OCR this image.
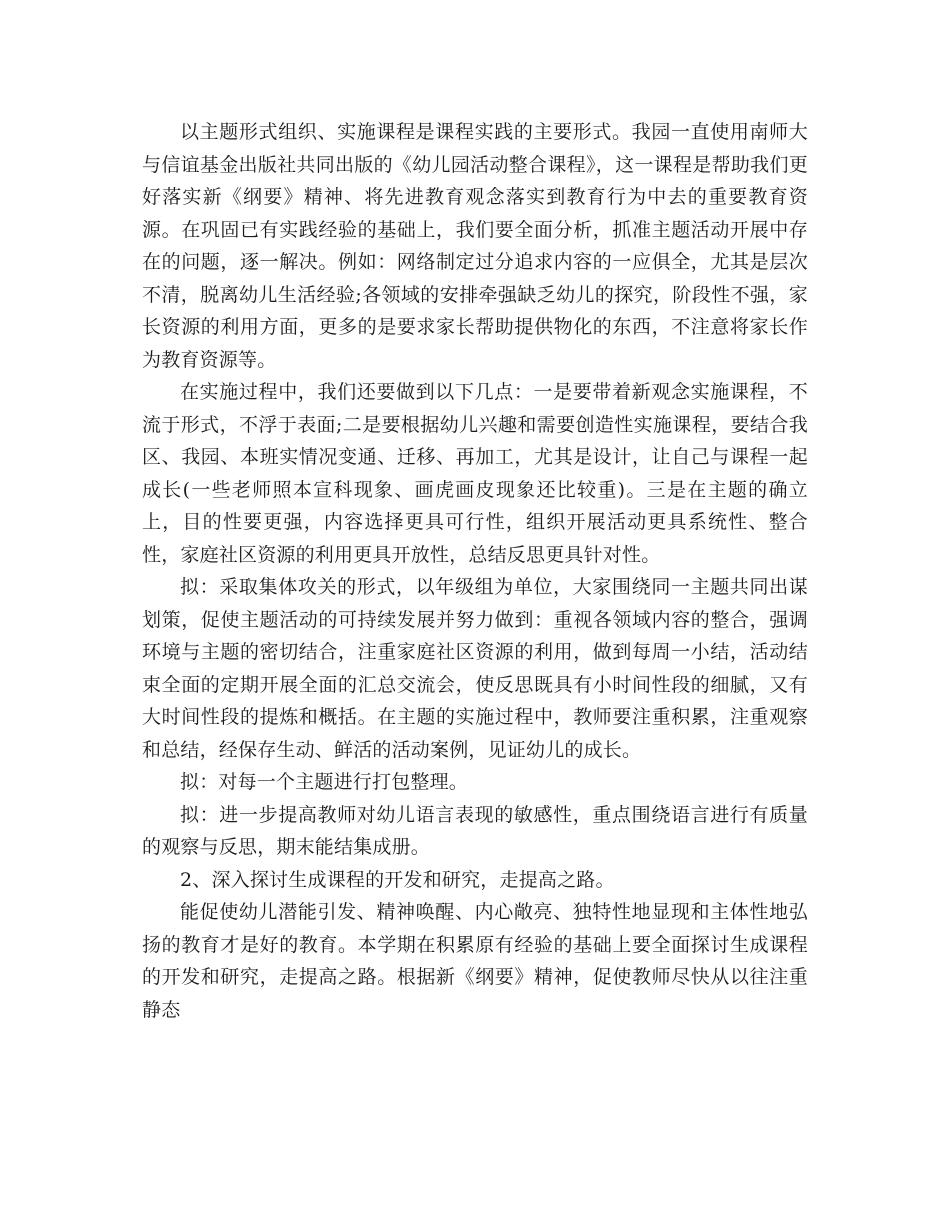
以主题形式组织、实施课程是课程实践的主要形式。我园一直使用南师大与信谊基金出版社共同出版的《幼儿园活动整合课程》，这一课程是帮助我们更好落实新《纲要》精神、将先进教育观念落实到教育行为中去的重要教育资源。在巩固已有实践经验的基础上，我们要全面分析，抓准主题活动开展中存在的问题，逐一解决。例如：网络制定过分追求内容的一应俱全，尤其是层次不清，脱离幼儿生活经验;各领域的安排牵强缺乏幼儿的探究，阶段性不强，家长资源的利用方面，更多的是要求家长帮助提供物化的东西，不注意将家长作为教育资源等。

在实施过程中，我们还要做到以下几点：一是要带着新观念实施课程，不流于形式，不浮于表面;二是要根据幼儿兴趣和需要创造性实施课程，要结合我区、我园、本班实情况变通、迁移、再加工，尤其是设计，让自己与课程一起成长(一些老师照本宣科现象、画虎画皮现象还比较重)。三是在主题的确立上，目的性要更强，内容选择更具可行性，组织开展活动更具系统性、整合性，家庭社区资源的利用更具开放性，总结反思更具针对性。

拟：采取集体攻关的形式，以年级组为单位，大家围绕同一主题共同出谋划策，促使主题活动的可持续发展并努力做到：重视各领域内容的整合，强调环境与主题的密切结合，注重家庭社区资源的利用，做到每周一小结，活动结束全面的定期开展全面的汇总交流会，使反思既具有小时间性段的细腻，又有大时间性段的提炼和概括。在主题的实施过程中，教师要注重积累，注重观察和总结，经保存生动、鲜活的活动案例，见证幼儿的成长。

拟：对每一个主题进行打包整理。

拟：进一步提高教师对幼儿语言表现的敏感性，重点围绕语言进行有质量的观察与反思，期末能结集成册。

2、深入探讨生成课程的开发和研究，走提高之路。

能促使幼儿潜能引发、精神唤醒、内心敞亮、独特性地显现和主体性地弘扬的教育才是好的教育。本学期在积累原有经验的基础上要全面探讨生成课程的开发和研究，走提高之路。根据新《纲要》精神，促使教师尽快从以往注重静态
